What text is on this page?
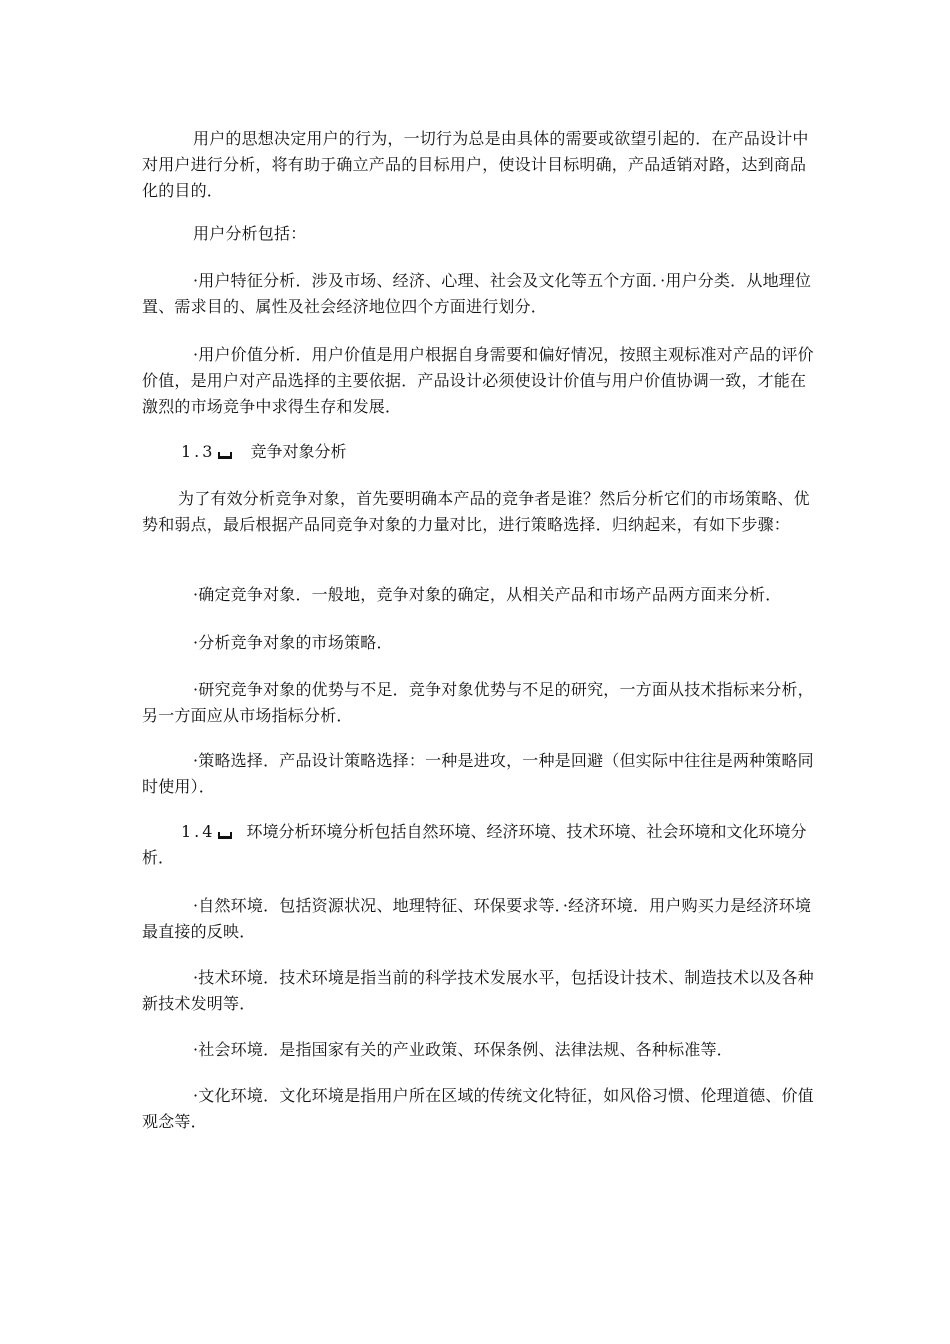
用户的思想决定用户的行为，一切行为总是由具体的需要或欲望引起的．在产品设计中对用户进行分析，将有助于确立产品的目标用户，使设计目标明确，产品适销对路，达到商品化的目的．

用户分析包括：

·用户特征分析．涉及市场、经济、心理、社会及文化等五个方面．·用户分类．从地理位置、需求目的、属性及社会经济地位四个方面进行划分．

·用户价值分析．用户价值是用户根据自身需要和偏好情况，按照主观标准对产品的评价价值，是用户对产品选择的主要依据．产品设计必须使设计价值与用户价值协调一致，才能在激烈的市场竞争中求得生存和发展．

1.3 竞争对象分析

为了有效分析竞争对象，首先要明确本产品的竞争者是谁？然后分析它们的市场策略、优势和弱点，最后根据产品同竞争对象的力量对比，进行策略选择．归纳起来，有如下步骤：

·确定竞争对象．一般地，竞争对象的确定，从相关产品和市场产品两方面来分析．

·分析竞争对象的市场策略．

·研究竞争对象的优势与不足．竞争对象优势与不足的研究，一方面从技术指标来分析，另一方面应从市场指标分析．

·策略选择．产品设计策略选择：一种是进攻，一种是回避（但实际中往往是两种策略同时使用）．

1.4 环境分析环境分析包括自然环境、经济环境、技术环境、社会环境和文化环境分析．

·自然环境．包括资源状况、地理特征、环保要求等．·经济环境．用户购买力是经济环境最直接的反映．

·技术环境．技术环境是指当前的科学技术发展水平，包括设计技术、制造技术以及各种新技术发明等．

·社会环境．是指国家有关的产业政策、环保条例、法律法规、各种标准等．

·文化环境．文化环境是指用户所在区域的传统文化特征，如风俗习惯、伦理道德、价值观念等．
